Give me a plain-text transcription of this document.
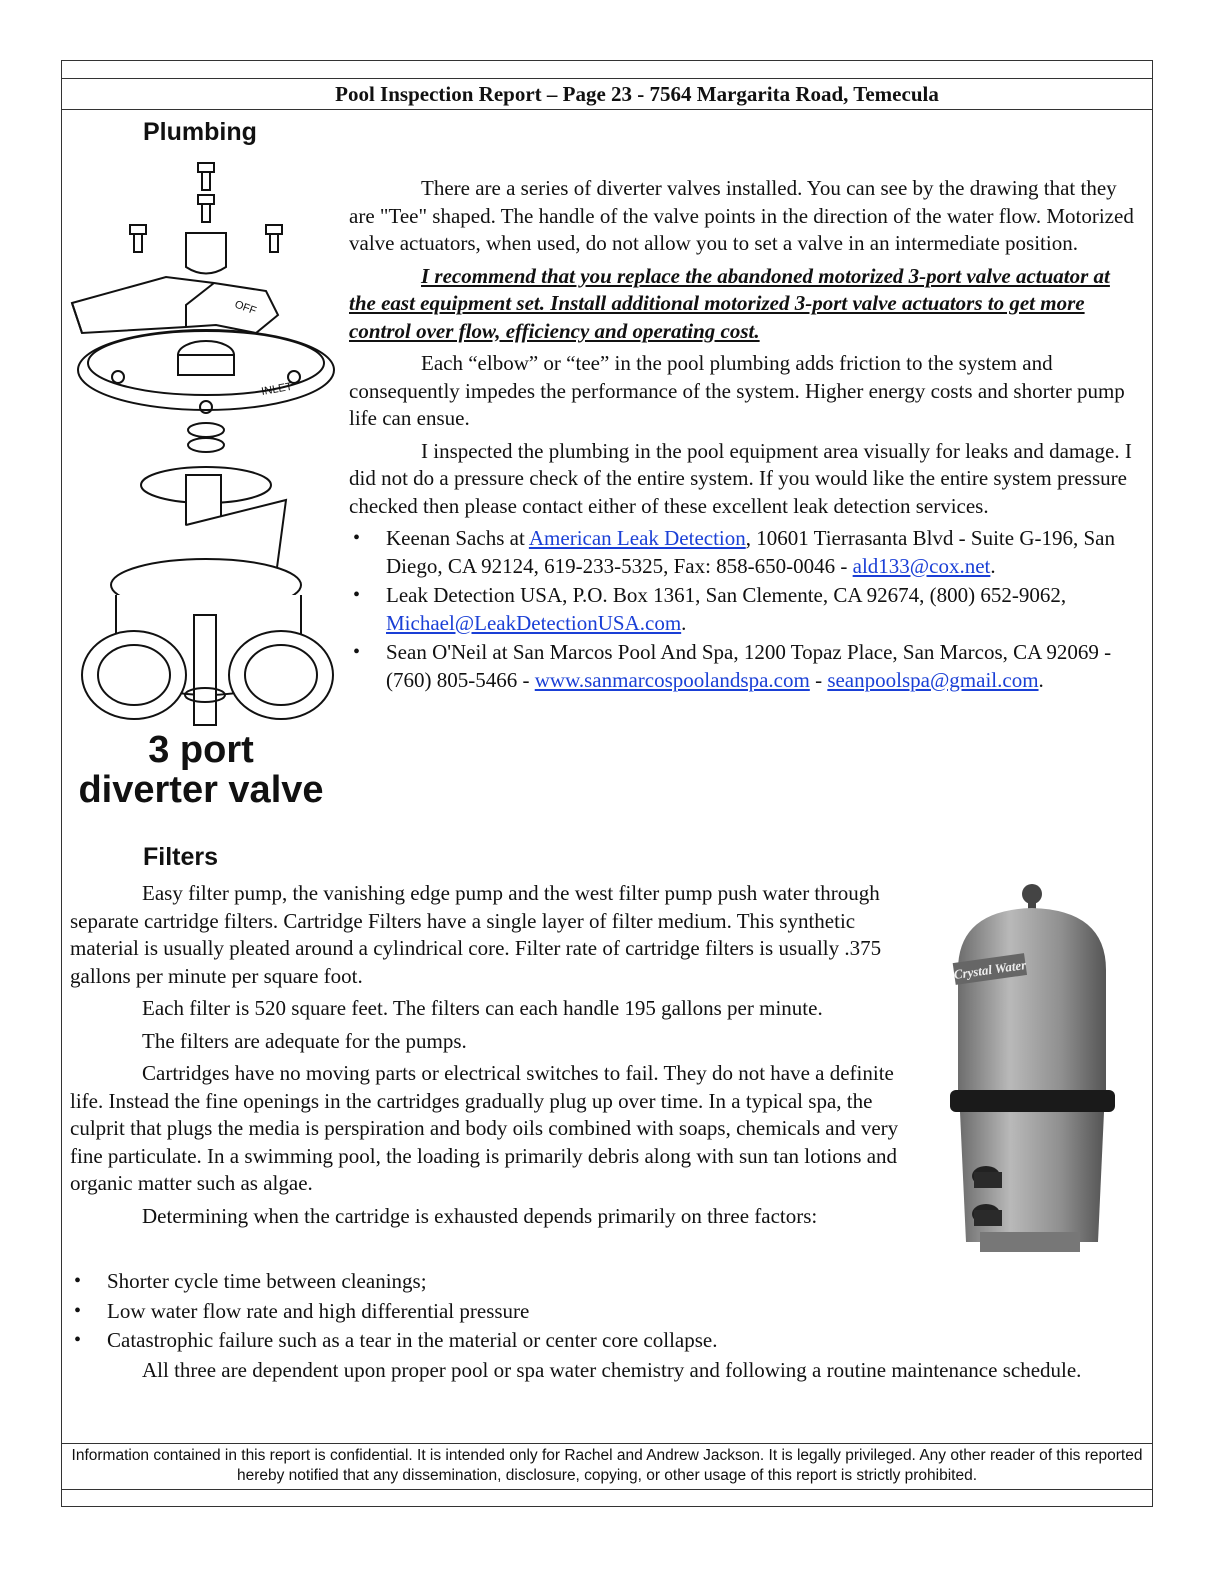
Pool Inspection Report – Page 23 - 7564 Margarita Road, Temecula
Plumbing
OFF
INLET
3 port
diverter valve

There are a series of diverter valves installed. You can see by the drawing that they are "Tee" shaped. The handle of the valve points in the direction of the water flow. Motorized valve actuators, when used, do not allow you to set a valve in an intermediate position.

I recommend that you replace the abandoned motorized 3-port valve actuator at the east equipment set. Install additional motorized 3-port valve actuators to get more control over flow, efficiency and operating cost.

Each “elbow” or “tee” in the pool plumbing adds friction to the system and consequently impedes the performance of the system. Higher energy costs and shorter pump life can ensue.

I inspected the plumbing in the pool equipment area visually for leaks and damage. I did not do a pressure check of the entire system. If you would like the entire system pressure checked then please contact either of these excellent leak detection services.

• Keenan Sachs at American Leak Detection, 10601 Tierrasanta Blvd - Suite G-196, San Diego, CA 92124, 619-233-5325, Fax: 858-650-0046 - ald133@cox.net.
• Leak Detection USA, P.O. Box 1361, San Clemente, CA 92674, (800) 652-9062, Michael@LeakDetectionUSA.com.
• Sean O'Neil at San Marcos Pool And Spa, 1200 Topaz Place, San Marcos, CA 92069 - (760) 805-5466 - www.sanmarcospoolandspa.com - seanpoolspa@gmail.com.
Filters
Crystal Water

Easy filter pump, the vanishing edge pump and the west filter pump push water through separate cartridge filters. Cartridge Filters have a single layer of filter medium. This synthetic material is usually pleated around a cylindrical core. Filter rate of cartridge filters is usually .375 gallons per minute per square foot.

Each filter is 520 square feet. The filters can each handle 195 gallons per minute.

The filters are adequate for the pumps.

Cartridges have no moving parts or electrical switches to fail. They do not have a definite life. Instead the fine openings in the cartridges gradually plug up over time. In a typical spa, the culprit that plugs the media is perspiration and body oils combined with soaps, chemicals and very fine particulate. In a swimming pool, the loading is primarily debris along with sun tan lotions and organic matter such as algae.

Determining when the cartridge is exhausted depends primarily on three factors:

• Shorter cycle time between cleanings;
• Low water flow rate and high differential pressure
• Catastrophic failure such as a tear in the material or center core collapse.

All three are dependent upon proper pool or spa water chemistry and following a routine maintenance schedule.

Information contained in this report is confidential. It is intended only for Rachel and Andrew Jackson. It is legally privileged. Any other reader of this reported hereby notified that any dissemination, disclosure, copying, or other usage of this report is strictly prohibited.
